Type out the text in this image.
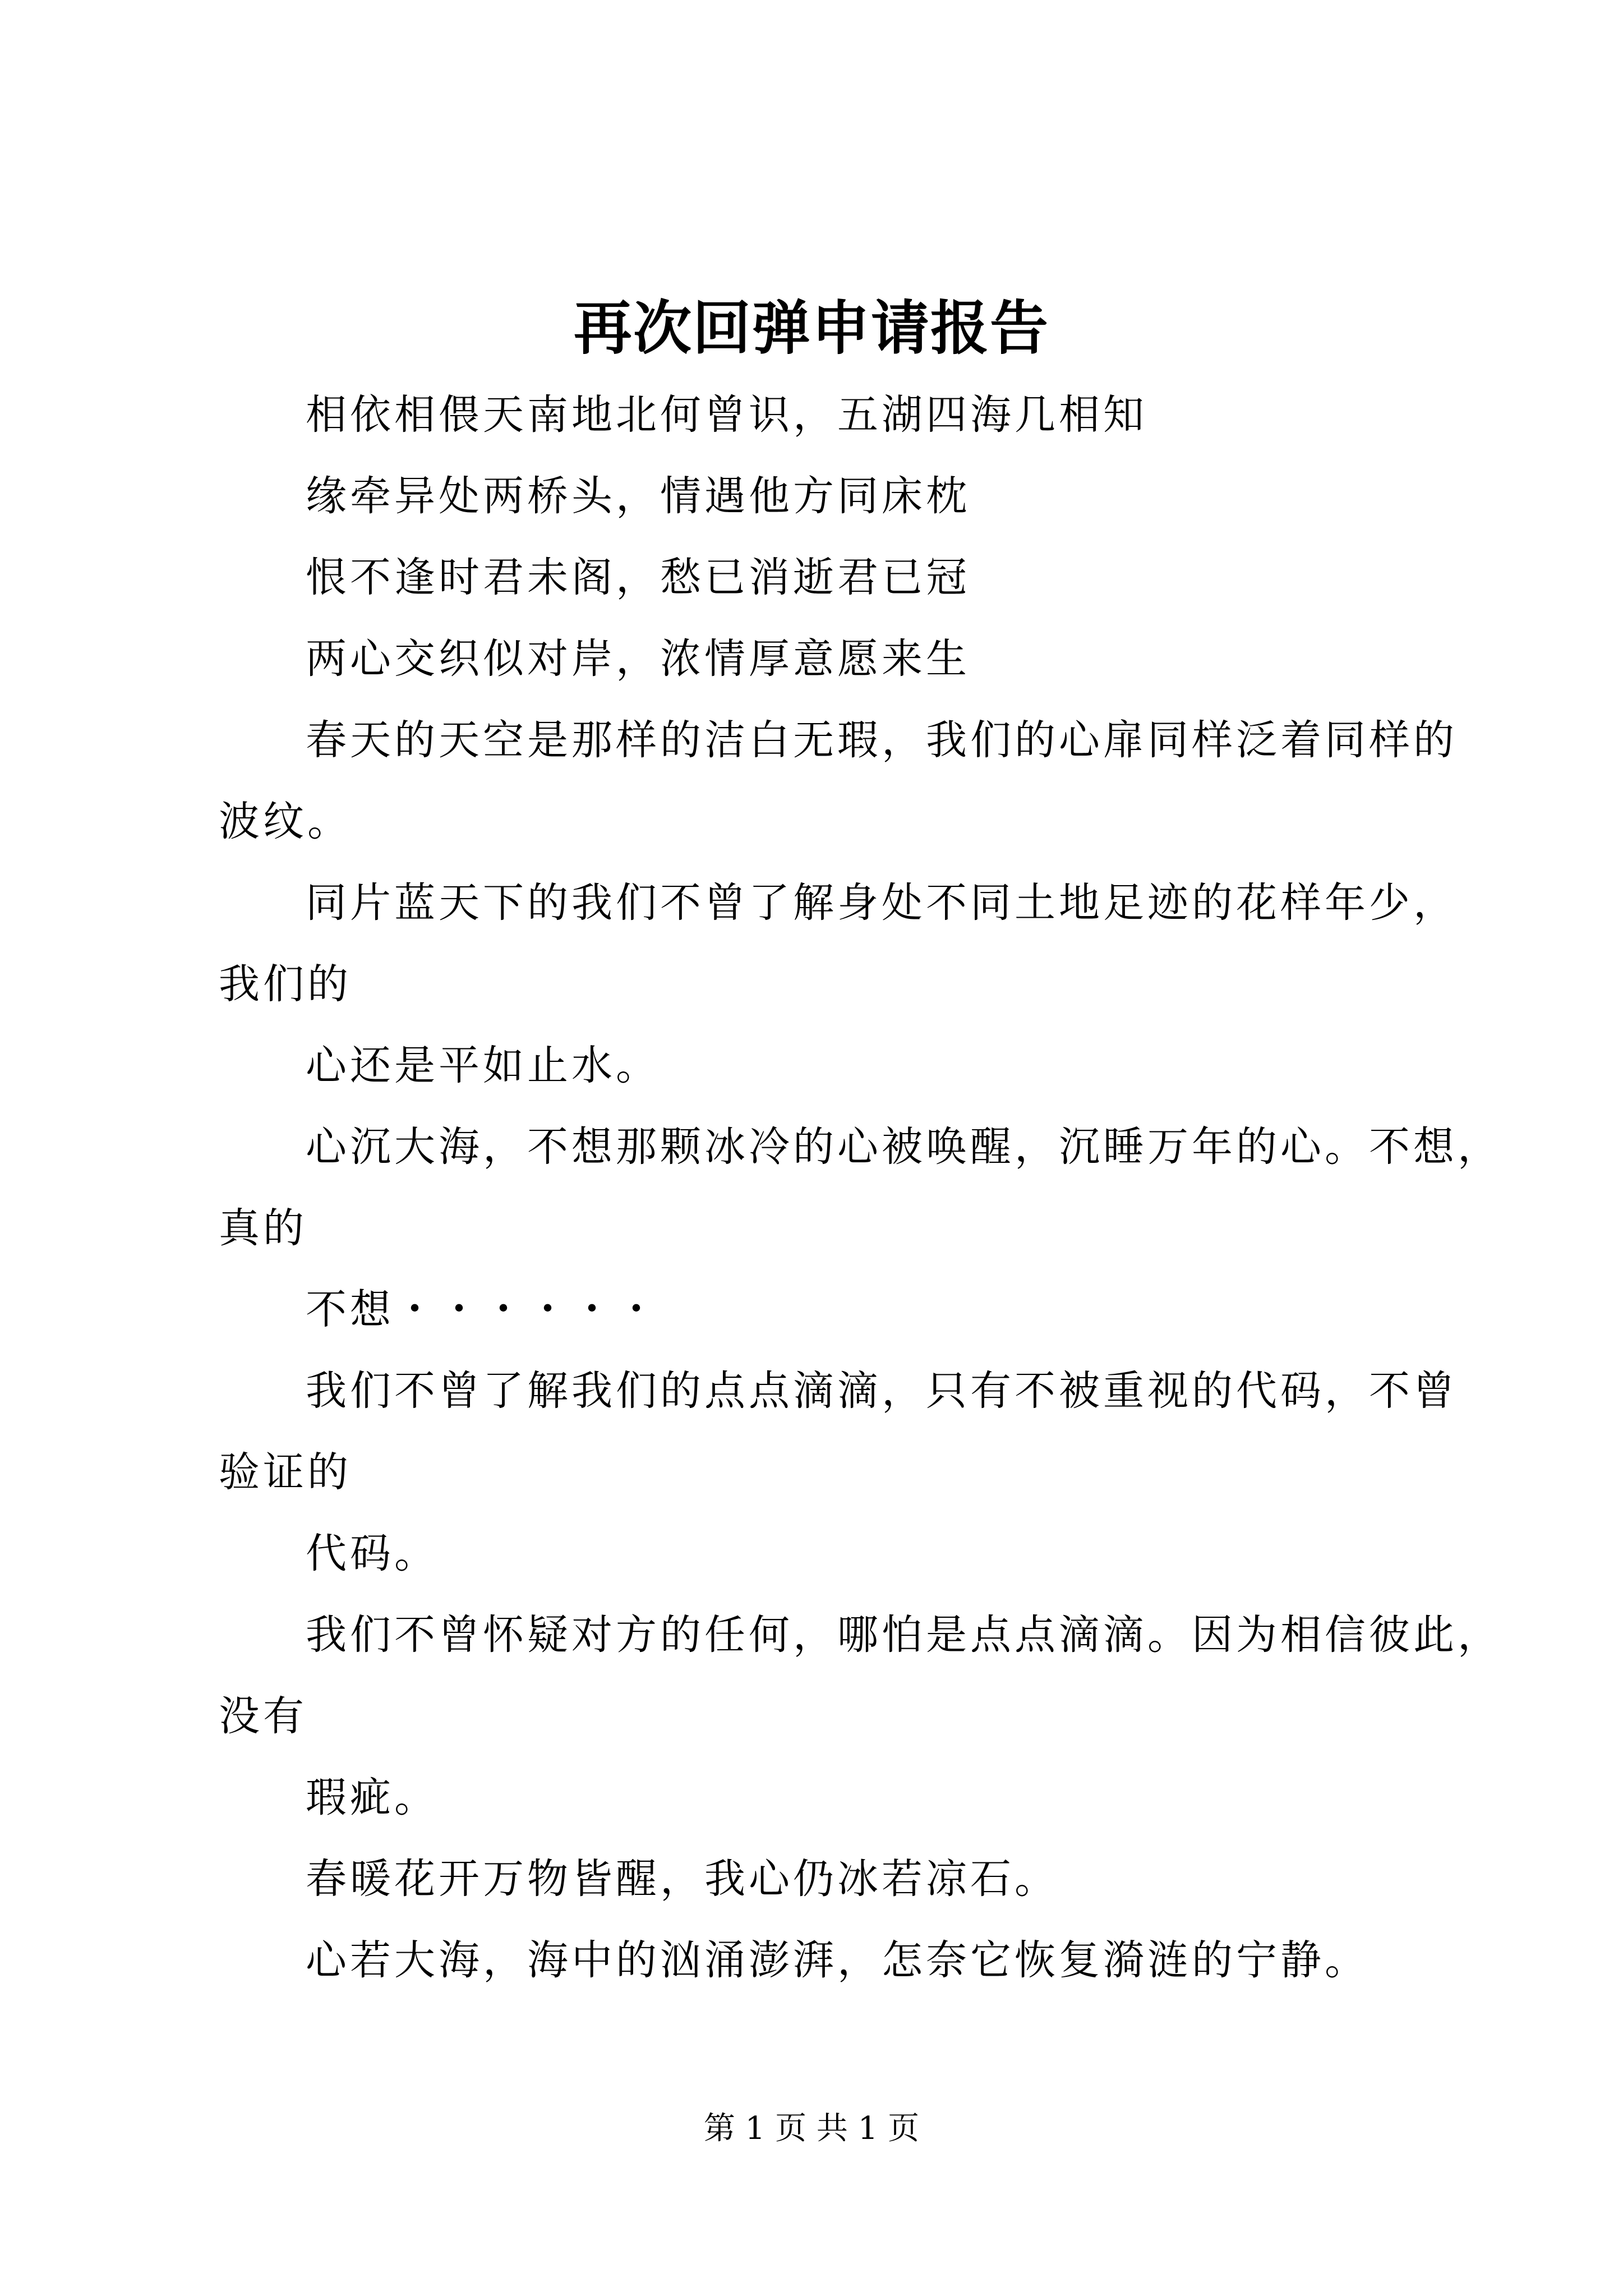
再次回弹申请报告
相依相偎天南地北何曾识，五湖四海几相知
缘牵异处两桥头，情遇他方同床枕
恨不逢时君未阁，愁已消逝君已冠
两心交织似对岸，浓情厚意愿来生
春天的天空是那样的洁白无瑕，我们的心扉同样泛着同样的
波纹。
同片蓝天下的我们不曾了解身处不同土地足迹的花样年少，
我们的
心还是平如止水。
心沉大海，不想那颗冰冷的心被唤醒，沉睡万年的心。不想，
真的
不想・・・・・・
我们不曾了解我们的点点滴滴，只有不被重视的代码，不曾
验证的
代码。
我们不曾怀疑对方的任何，哪怕是点点滴滴。因为相信彼此，
没有
瑕疵。
春暖花开万物皆醒，我心仍冰若凉石。
心若大海，海中的汹涌澎湃，怎奈它恢复漪涟的宁静。
第 1 页 共 1 页
